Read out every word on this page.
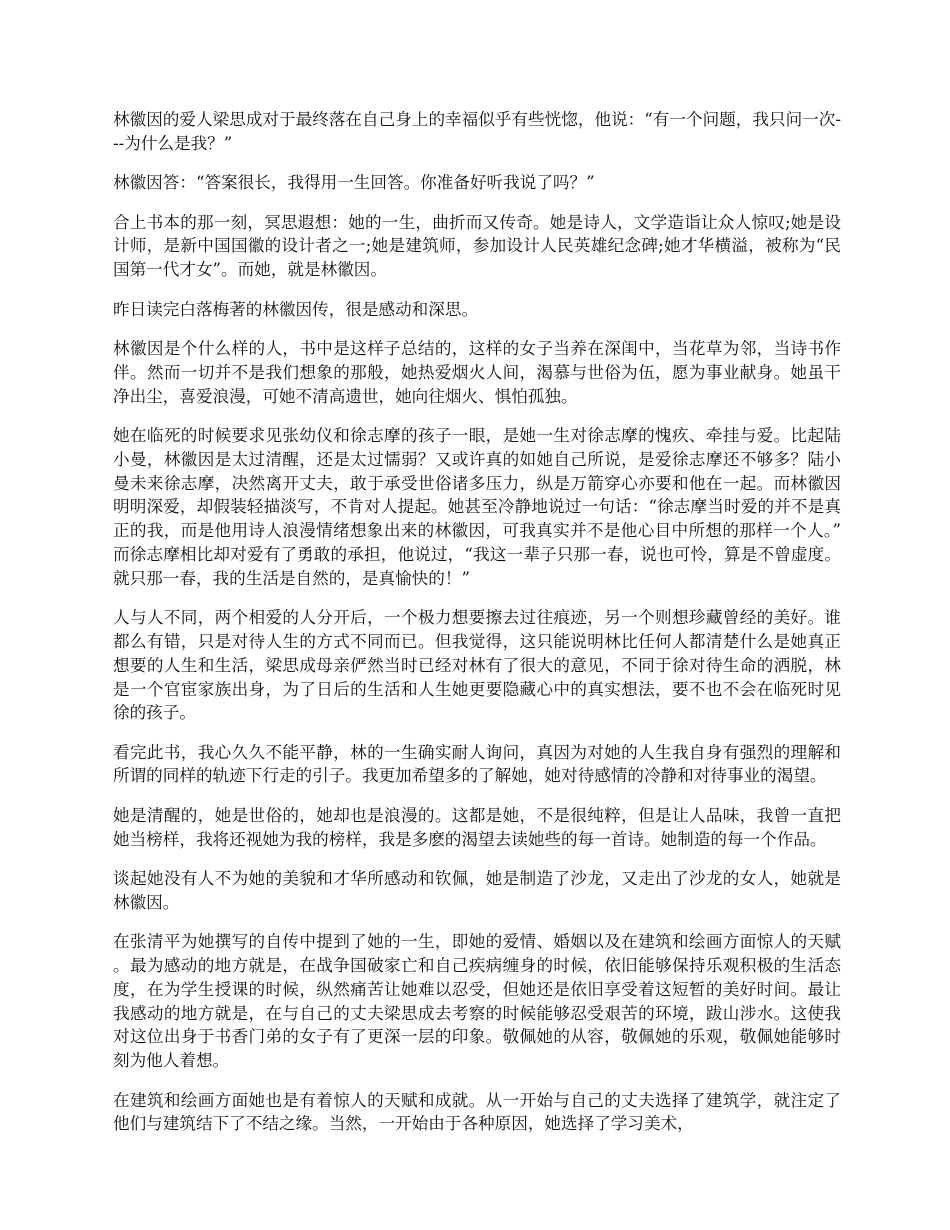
林徽因的爱人梁思成对于最终落在自己身上的幸福似乎有些恍惚，他说：“有一个问题，我只问一次---为什么是我？”

林徽因答：“答案很长，我得用一生回答。你准备好听我说了吗？”

合上书本的那一刻，冥思遐想：她的一生，曲折而又传奇。她是诗人，文学造诣让众人惊叹;她是设计师，是新中国国徽的设计者之一;她是建筑师，参加设计人民英雄纪念碑;她才华横溢，被称为“民国第一代才女”。而她，就是林徽因。

昨日读完白落梅著的林徽因传，很是感动和深思。

林徽因是个什么样的人，书中是这样子总结的，这样的女子当养在深闺中，当花草为邻，当诗书作伴。然而一切并不是我们想象的那般，她热爱烟火人间，渴慕与世俗为伍，愿为事业献身。她虽干净出尘，喜爱浪漫，可她不清高遗世，她向往烟火、惧怕孤独。

她在临死的时候要求见张幼仪和徐志摩的孩子一眼，是她一生对徐志摩的愧疚、牵挂与爱。比起陆小曼，林徽因是太过清醒，还是太过懦弱？又或许真的如她自己所说，是爱徐志摩还不够多？陆小曼未来徐志摩，决然离开丈夫，敢于承受世俗诸多压力，纵是万箭穿心亦要和他在一起。而林徽因明明深爱，却假装轻描淡写，不肯对人提起。她甚至冷静地说过一句话：“徐志摩当时爱的并不是真正的我，而是他用诗人浪漫情绪想象出来的林徽因，可我真实并不是他心目中所想的那样一个人。”而徐志摩相比却对爱有了勇敢的承担，他说过，“我这一辈子只那一春，说也可怜，算是不曾虚度。就只那一春，我的生活是自然的，是真愉快的！”

人与人不同，两个相爱的人分开后，一个极力想要擦去过往痕迹，另一个则想珍藏曾经的美好。谁都么有错，只是对待人生的方式不同而已。但我觉得，这只能说明林比任何人都清楚什么是她真正想要的人生和生活，梁思成母亲俨然当时已经对林有了很大的意见，不同于徐对待生命的洒脱，林是一个官宦家族出身，为了日后的生活和人生她更要隐藏心中的真实想法，要不也不会在临死时见徐的孩子。

看完此书，我心久久不能平静，林的一生确实耐人询问，真因为对她的人生我自身有强烈的理解和所谓的同样的轨迹下行走的引子。我更加希望多的了解她，她对待感情的冷静和对待事业的渴望。

她是清醒的，她是世俗的，她却也是浪漫的。这都是她，不是很纯粹，但是让人品味，我曾一直把她当榜样，我将还视她为我的榜样，我是多麽的渴望去读她些的每一首诗。她制造的每一个作品。

谈起她没有人不为她的美貌和才华所感动和钦佩，她是制造了沙龙，又走出了沙龙的女人，她就是林徽因。

在张清平为她撰写的自传中提到了她的一生，即她的爱情、婚姻以及在建筑和绘画方面惊人的天赋。最为感动的地方就是，在战争国破家亡和自己疾病缠身的时候，依旧能够保持乐观积极的生活态度，在为学生授课的时候，纵然痛苦让她难以忍受，但她还是依旧享受着这短暂的美好时间。最让我感动的地方就是，在与自己的丈夫梁思成去考察的时候能够忍受艰苦的环境，跋山涉水。这使我对这位出身于书香门弟的女子有了更深一层的印象。敬佩她的从容，敬佩她的乐观，敬佩她能够时刻为他人着想。

在建筑和绘画方面她也是有着惊人的天赋和成就。从一开始与自己的丈夫选择了建筑学，就注定了他们与建筑结下了不结之缘。当然，一开始由于各种原因，她选择了学习美术，
